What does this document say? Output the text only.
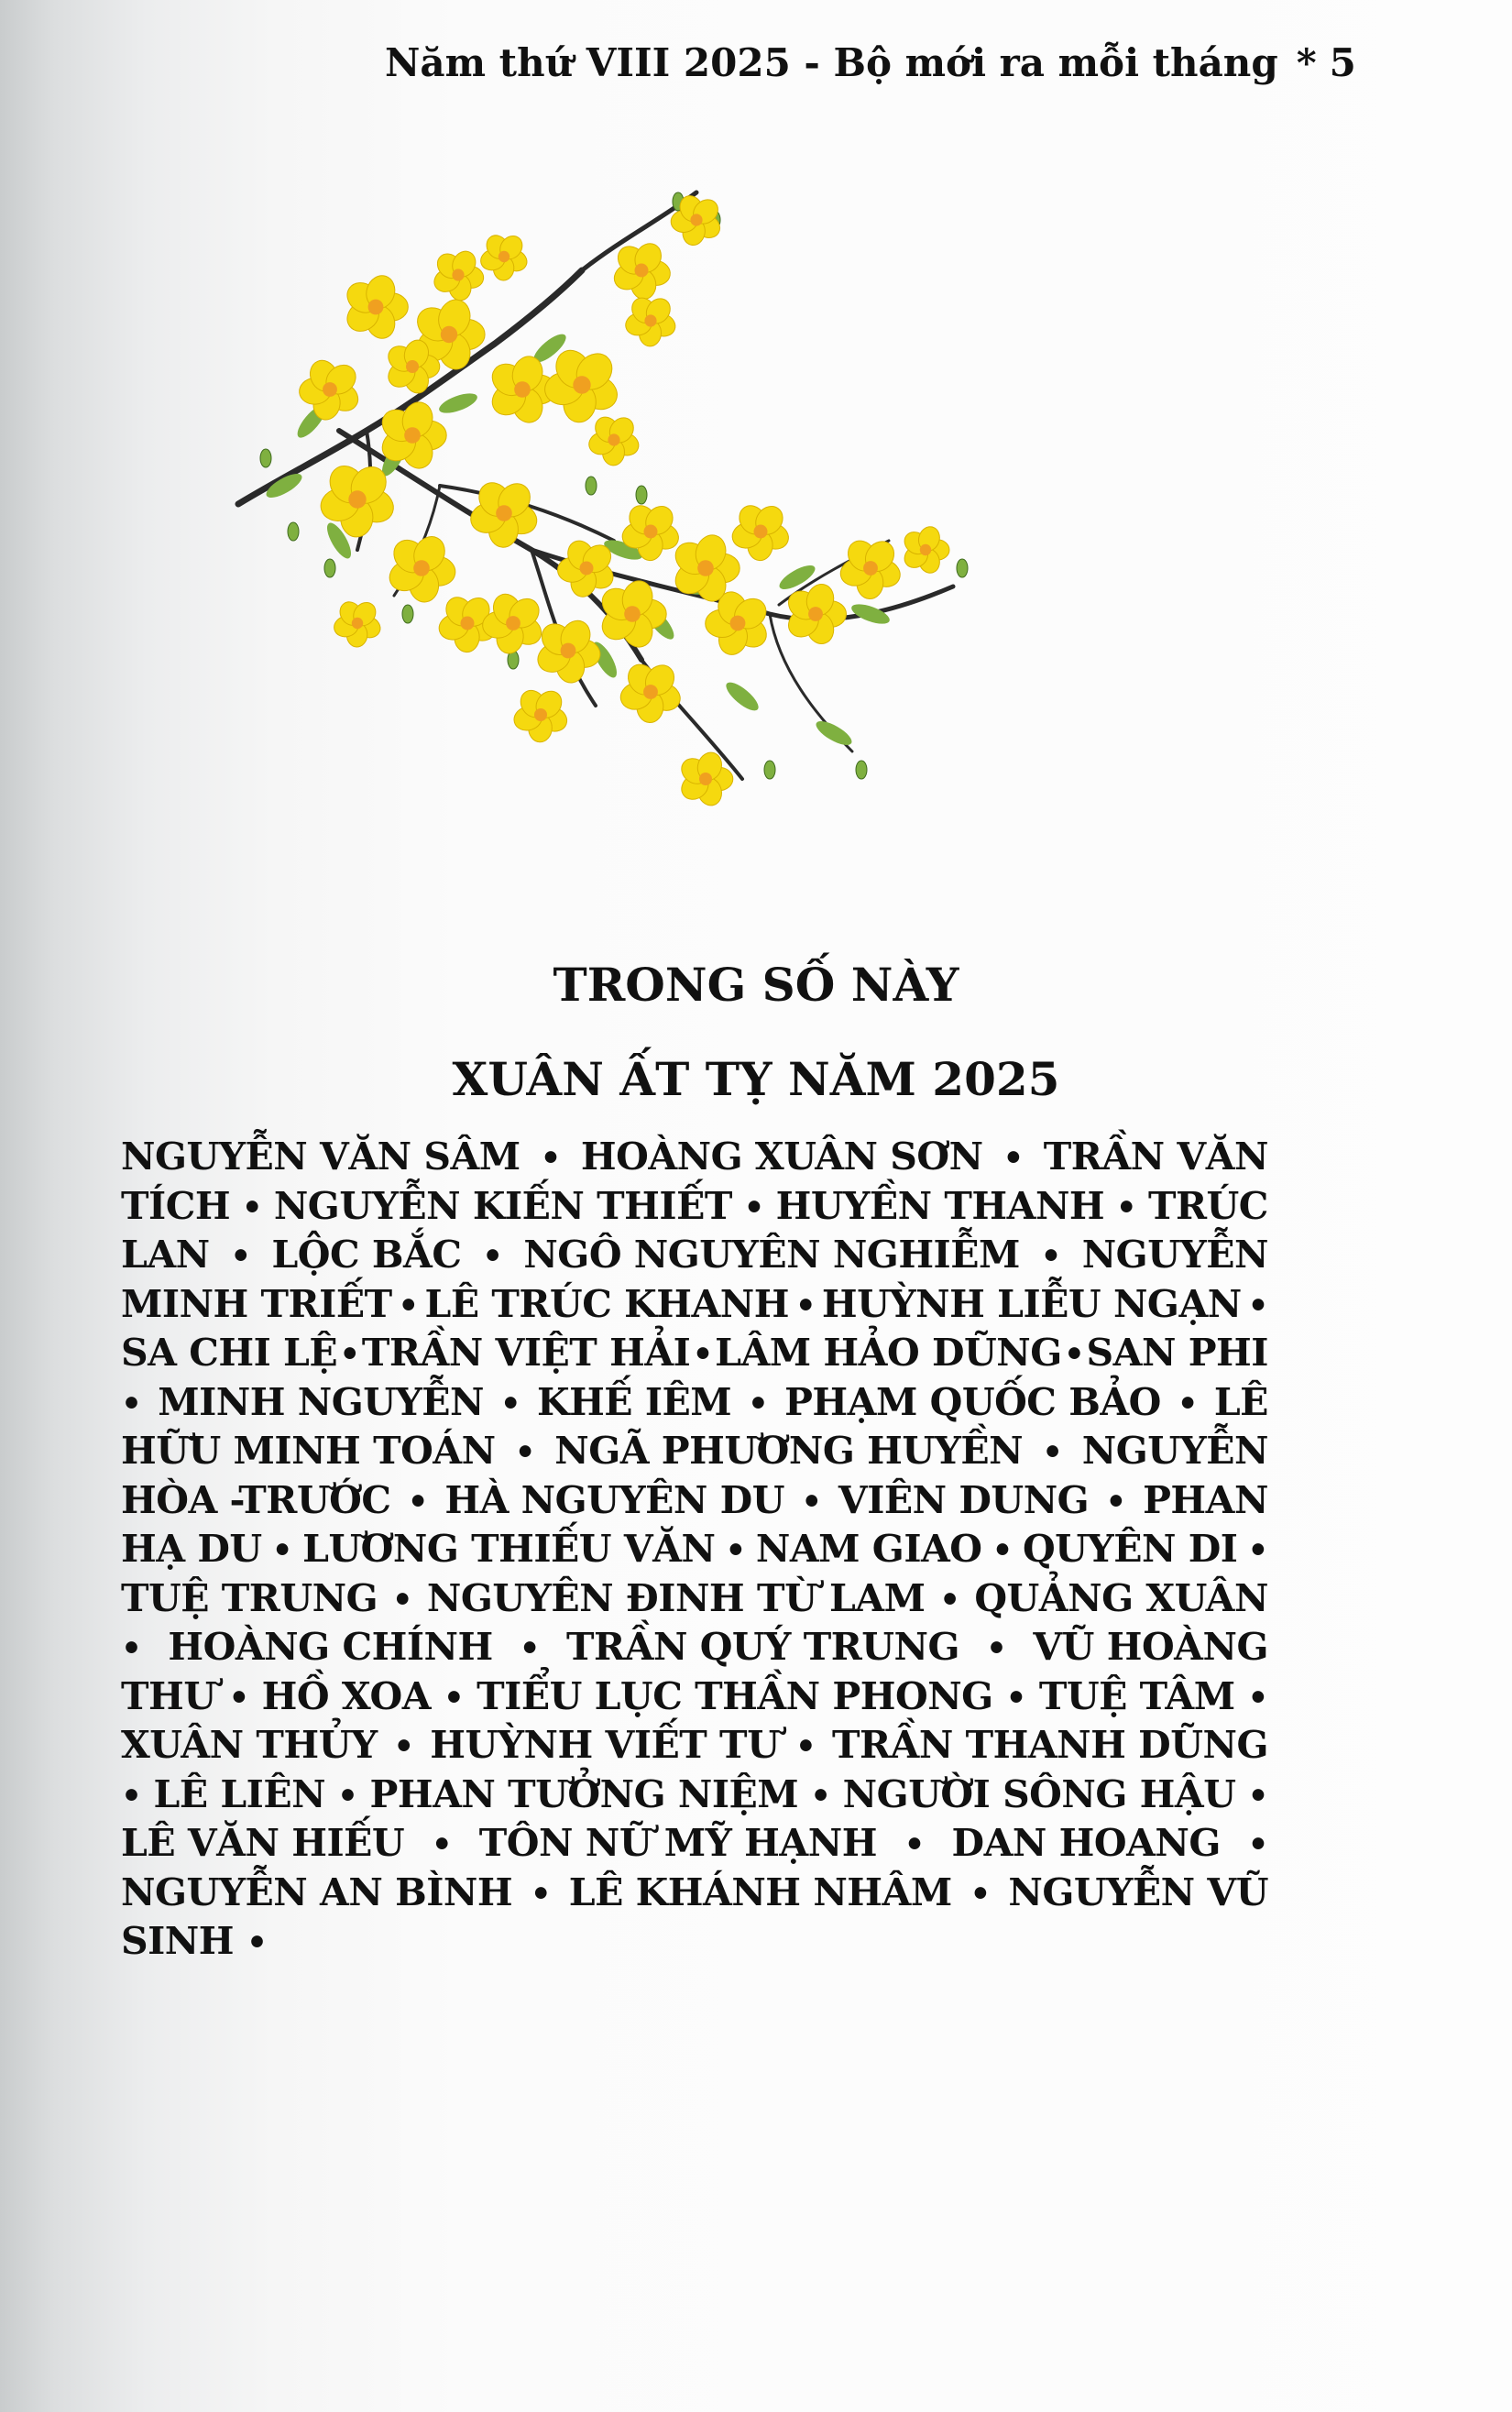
Năm thứ VIII 2025 - Bộ mới ra mỗi tháng * 5
TRONG SỐ NÀY
XUÂN ẤT TỴ NĂM 2025
NGUYỄN VĂN SÂM • HOÀNG XUÂN SƠN • TRẦN VĂN
TÍCH • NGUYỄN KIẾN THIẾT • HUYỀN THANH • TRÚC
LAN • LỘC BẮC • NGÔ NGUYÊN NGHIỄM • NGUYỄN
MINH TRIẾT • LÊ TRÚC KHANH • HUỲNH LIỄU NGẠN •
SA CHI LỆ • TRẦN VIỆT HẢI • LÂM HẢO DŨNG • SAN PHI
• MINH NGUYỄN • KHẾ IÊM • PHẠM QUỐC BẢO • LÊ
HỮU MINH TOÁN • NGÃ PHƯƠNG HUYỀN • NGUYỄN
HÒA -TRƯỚC • HÀ NGUYÊN DU • VIÊN DUNG • PHAN
HẠ DU • LƯƠNG THIẾU VĂN • NAM GIAO • QUYÊN DI •
TUỆ TRUNG • NGUYÊN ĐINH TỪ LAM • QUẢNG XUÂN
• HOÀNG CHÍNH • TRẦN QUÝ TRUNG • VŨ HOÀNG
THƯ • HỒ XOA • TIỂU LỤC THẦN PHONG • TUỆ TÂM •
XUÂN THỦY • HUỲNH VIẾT TƯ • TRẦN THANH DŨNG
• LÊ LIÊN • PHAN TƯỞNG NIỆM • NGƯỜI SÔNG HẬU •
LÊ VĂN HIẾU • TÔN NỮ MỸ HẠNH • DAN HOANG •
NGUYỄN AN BÌNH • LÊ KHÁNH NHÂM • NGUYỄN VŨ
SINH •
